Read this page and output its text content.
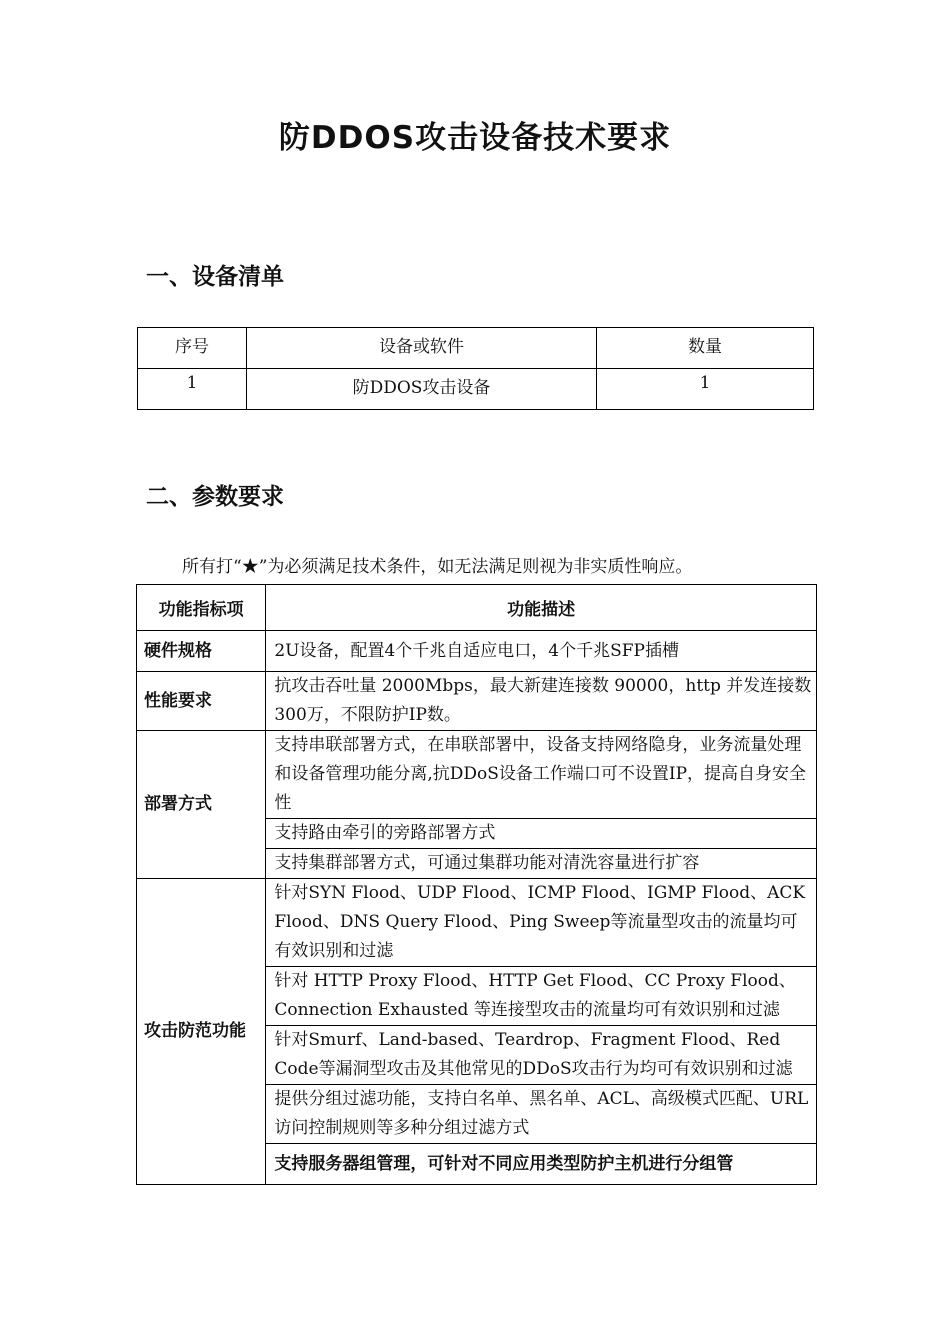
防DDOS攻击设备技术要求
一、设备清单
序号	设备或软件	数量
1	防DDOS攻击设备	1
二、参数要求
所有打“★”为必须满足技术条件，如无法满足则视为非实质性响应。
功能指标项	功能描述
硬件规格	2U设备，配置4个千兆自适应电口，4个千兆SFP插槽
性能要求	抗攻击吞吐量 2000Mbps，最大新建连接数 90000，http 并发连接数300万，不限防护IP数。
部署方式	支持串联部署方式，在串联部署中，设备支持网络隐身，业务流量处理和设备管理功能分离,抗DDoS设备工作端口可不设置IP，提高自身安全性
	支持路由牵引的旁路部署方式
	支持集群部署方式，可通过集群功能对清洗容量进行扩容
攻击防范功能	针对SYN Flood、UDP Flood、ICMP Flood、IGMP Flood、ACK Flood、DNS Query Flood、Ping Sweep等流量型攻击的流量均可有效识别和过滤
	针对 HTTP Proxy Flood、HTTP Get Flood、CC Proxy Flood、Connection Exhausted 等连接型攻击的流量均可有效识别和过滤
	针对Smurf、Land-based、Teardrop、Fragment Flood、Red Code等漏洞型攻击及其他常见的DDoS攻击行为均可有效识别和过滤
	提供分组过滤功能，支持白名单、黑名单、ACL、高级模式匹配、URL访问控制规则等多种分组过滤方式
	支持服务器组管理，可针对不同应用类型防护主机进行分组管
